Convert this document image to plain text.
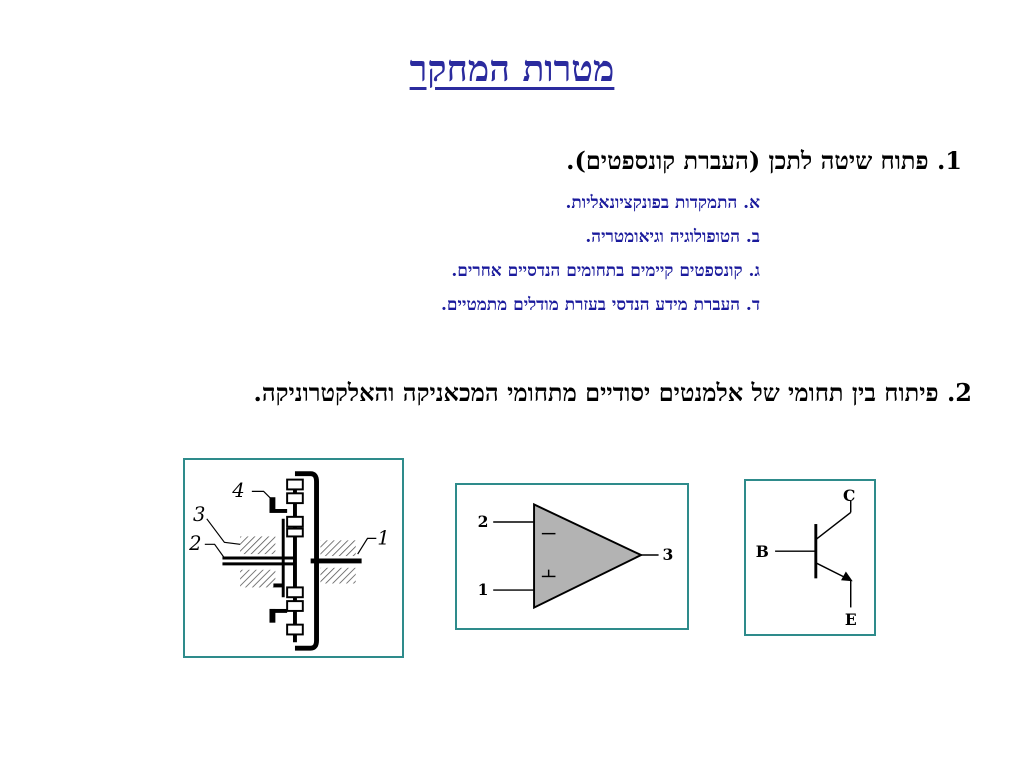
מטרות המחקר
1. פתוח שיטה לתכן (העברת קונספטים).
א. התמקדות בפונקציונאליות.
ב. הטופולוגיה וגיאומטריה.
ג. קונספטים קיימים בתחומים הנדסיים אחרים.
ד. העברת מידע הנדסי בעזרת מודלים מתמטיים.
2. פיתוח בין תחומי של אלמנטים יסודיים מתחומי המכאניקה והאלקטרוניקה.
4
3
2	1
2
1
3
C
B
E
